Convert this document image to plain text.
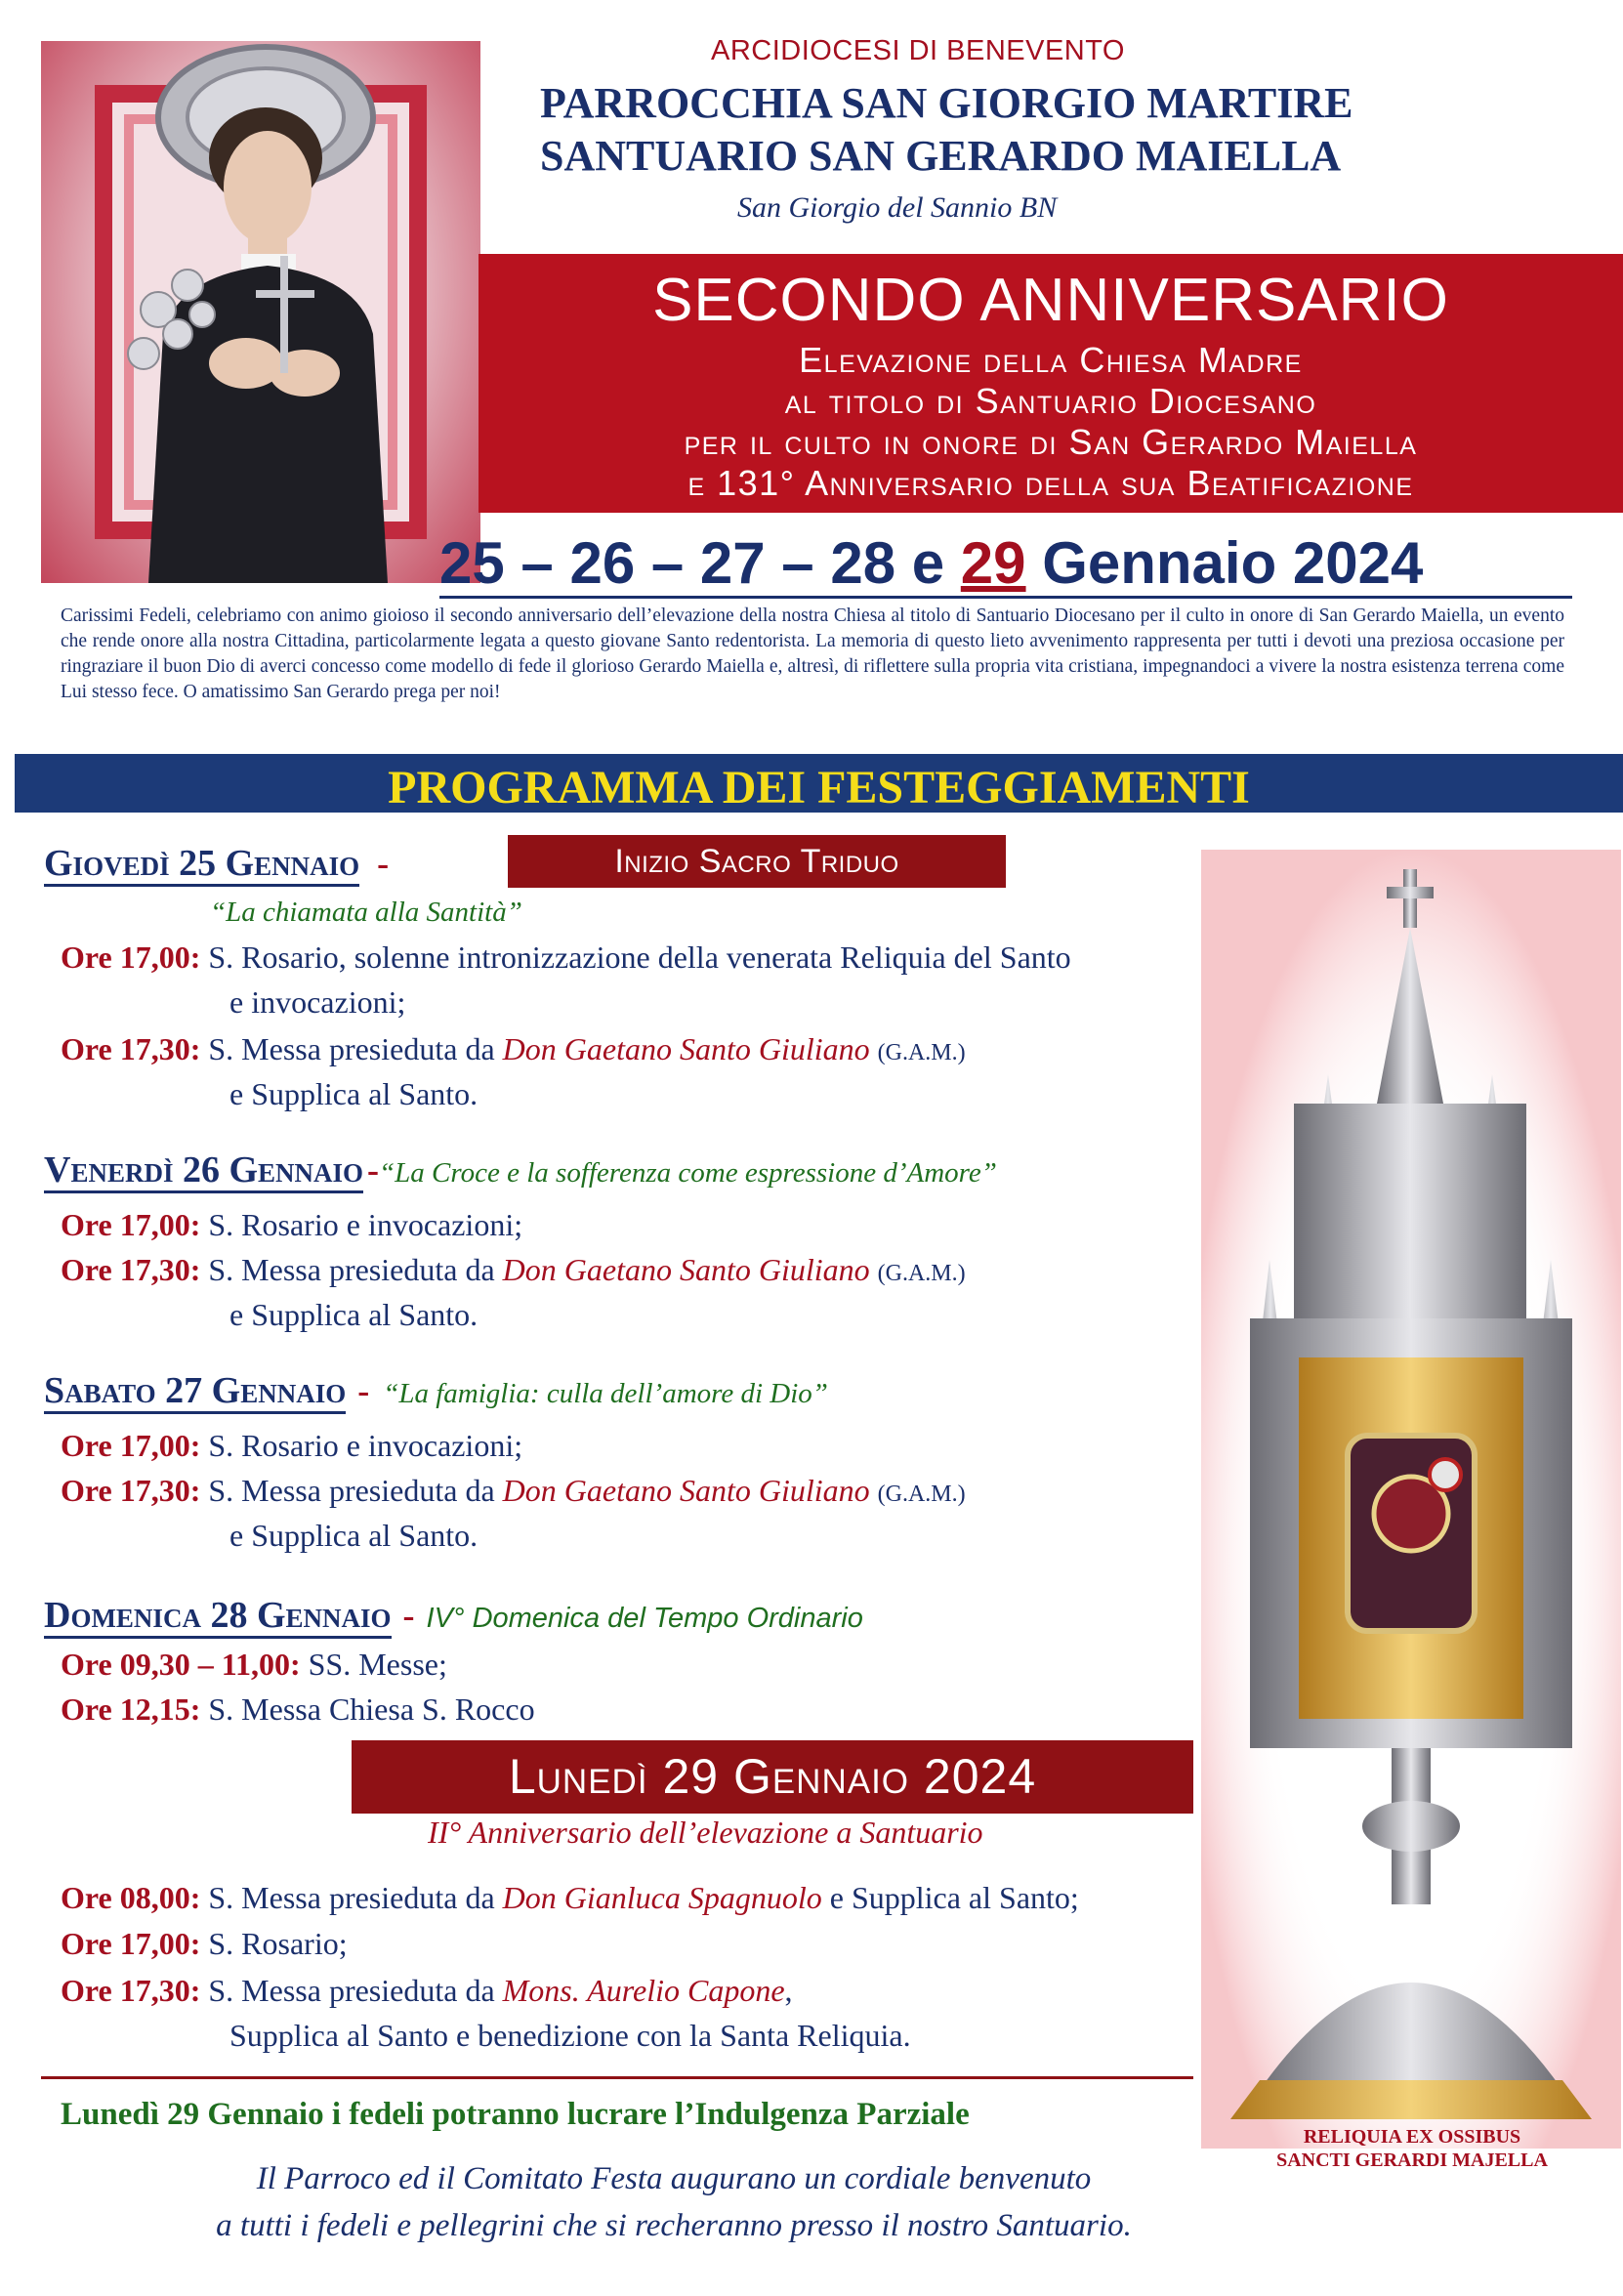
ARCIDIOCESI DI BENEVENTO
PARROCCHIA SAN GIORGIO MARTIRE
SANTUARIO SAN GERARDO MAIELLA
San Giorgio del Sannio BN
SECONDO ANNIVERSARIO
Elevazione della Chiesa Madre
al titolo di Santuario Diocesano
per il culto in onore di San Gerardo Maiella
e 131° Anniversario della sua Beatificazione
25 – 26 – 27 – 28 e 29 Gennaio 2024
Carissimi Fedeli, celebriamo con animo gioioso il secondo anniversario dell’elevazione della nostra Chiesa al titolo di Santuario Diocesano per il culto in onore di San Gerardo Maiella, un evento che rende onore alla nostra Cittadina, particolarmente legata a questo giovane Santo redentorista. La memoria di questo lieto avvenimento rappresenta per tutti i devoti una preziosa occasione per ringraziare il buon Dio di averci concesso come modello di fede il glorioso Gerardo Maiella e, altresì, di riflettere sulla propria vita cristiana, impegnandoci a vivere la nostra esistenza terrena come Lui stesso fece. O amatissimo San Gerardo prega per noi!
PROGRAMMA DEI FESTEGGIAMENTI
Giovedì 25 Gennaio -	Inizio Sacro Triduo
“La chiamata alla Santità”
Ore 17,00: S. Rosario, solenne intronizzazione della venerata Reliquia del Santo
e invocazioni;
Ore 17,30: S. Messa presieduta da Don Gaetano Santo Giuliano (G.A.M.)
e Supplica al Santo.
Venerdì 26 Gennaio -“La Croce e la sofferenza come espressione d’Amore”
Ore 17,00: S. Rosario e invocazioni;
Ore 17,30: S. Messa presieduta da Don Gaetano Santo Giuliano (G.A.M.)
e Supplica al Santo.
Sabato 27 Gennaio - “La famiglia: culla dell’amore di Dio”
Ore 17,00: S. Rosario e invocazioni;
Ore 17,30: S. Messa presieduta da Don Gaetano Santo Giuliano (G.A.M.)
e Supplica al Santo.
Domenica 28 Gennaio - IV° Domenica del Tempo Ordinario
Ore 09,30 – 11,00: SS. Messe;
Ore 12,15: S. Messa Chiesa S. Rocco
Lunedì 29 Gennaio 2024
II° Anniversario dell’elevazione a Santuario
Ore 08,00: S. Messa presieduta da Don Gianluca Spagnuolo e Supplica al Santo;
Ore 17,00: S. Rosario;
Ore 17,30: S. Messa presieduta da Mons. Aurelio Capone,
Supplica al Santo e benedizione con la Santa Reliquia.
Lunedì 29 Gennaio i fedeli potranno lucrare l’Indulgenza Parziale
Il Parroco ed il Comitato Festa augurano un cordiale benvenuto
a tutti i fedeli e pellegrini che si recheranno presso il nostro Santuario.
RELIQUIA EX OSSIBUS
SANCTI GERARDI MAJELLA
